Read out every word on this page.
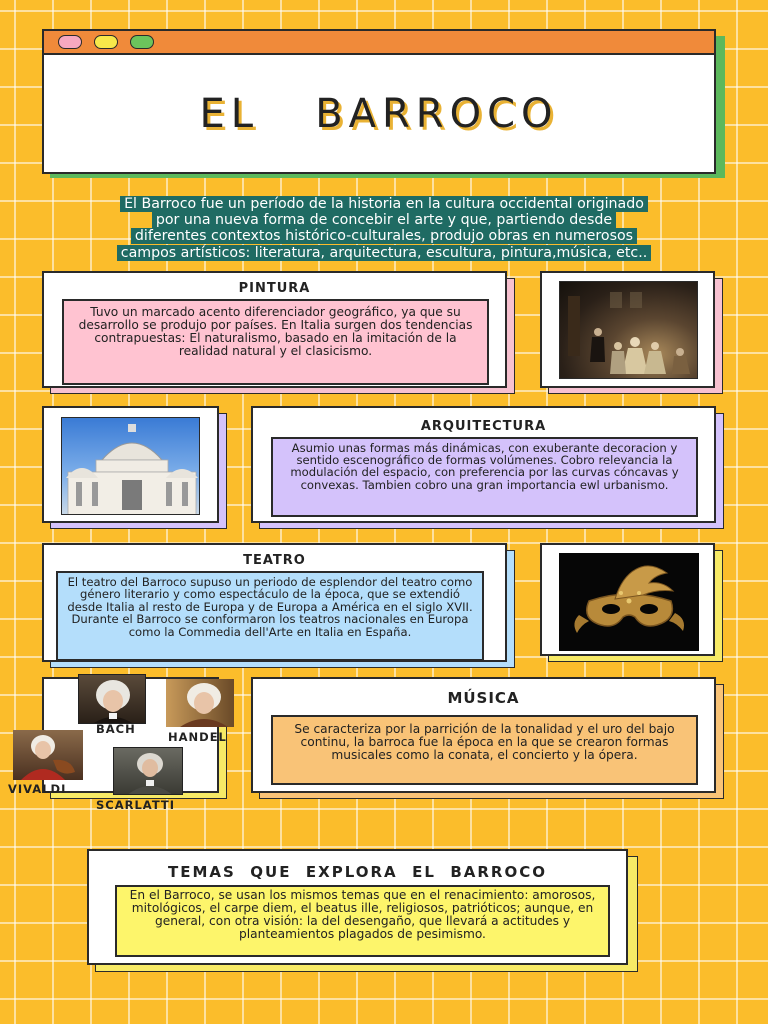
EL   BARROCO
El Barroco fue un período de la historia en la cultura occidental originado
por una nueva forma de concebir el arte y que, partiendo desde
diferentes contextos histórico-culturales, produjo obras en numerosos
campos artísticos: literatura, arquitectura, escultura, pintura,música, etc..
PINTURA
Tuvo un marcado acento diferenciador geográfico, ya que su desarrollo se produjo por países. En Italia surgen dos tendencias contrapuestas: El naturalismo, basado en la imitación de la realidad natural y el clasicismo.
ARQUITECTURA
Asumio unas formas más dinámicas, con exuberante decoracion y sentido escenográfico de formas volúmenes. Cobro relevancia la modulación del espacio, con preferencia por las curvas cóncavas y convexas. Tambien cobro una gran importancia ewl urbanismo.
TEATRO
El teatro del Barroco supuso un periodo de esplendor del teatro como género literario y como espectáculo de la época, que se extendió desde Italia al resto de Europa y de Europa a América en el siglo XVII. Durante el Barroco se conformaron los teatros nacionales en Europa como la Commedia dell'Arte en Italia en España.
BACH
HANDEL
VIVALDI
SCARLATTI
MÚSICA
Se caracteriza por la parrición de la tonalidad y el uro del bajo continu, la barroca fue la época en la que se crearon formas musicales como la conata, el concierto y la ópera.
TEMAS  QUE  EXPLORA  EL  BARROCO
En el Barroco, se usan los mismos temas que en el renacimiento: amorosos, mitológicos, el carpe diem, el beatus ille, religiosos, patrióticos; aunque, en general, con otra visión: la del desengaño, que llevará a actitudes y planteamientos plagados de pesimismo.
